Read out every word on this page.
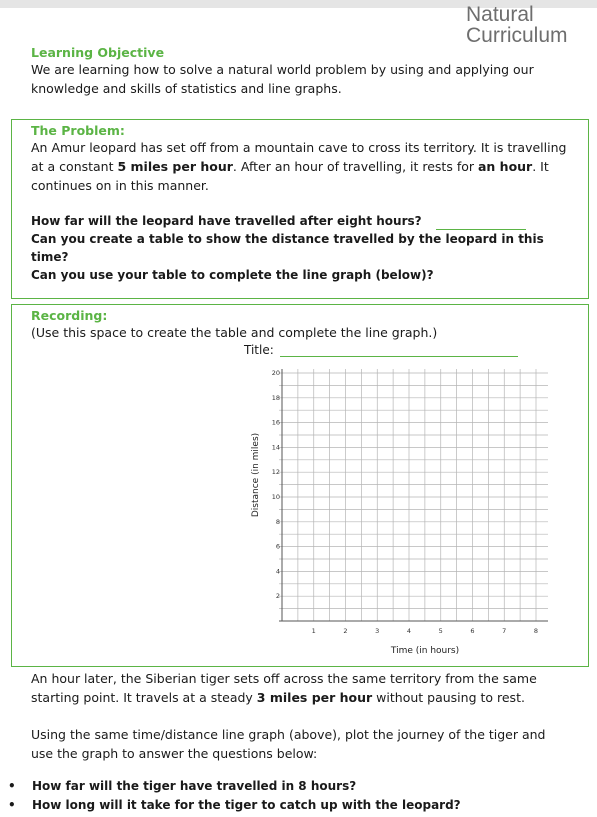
Natural
Curriculum
Learning Objective

We are learning how to solve a natural world problem by using and applying our knowledge and skills of statistics and line graphs.

The Problem:

An Amur leopard has set off from a mountain cave to cross its territory. It is travelling at a constant 5 miles per hour. After an hour of travelling, it rests for an hour. It continues on in this manner.

How far will the leopard have travelled after eight hours?
Can you create a table to show the distance travelled by the leopard in this time?
Can you use your table to complete the line graph (below)?
Recording:

(Use this space to create the table and complete the line graph.)

Title:
1	2	3	4	5	6	7	8
2
4
6
8
10
12
14
16
18
20
Time (in hours)
Distance (in miles)

An hour later, the Siberian tiger sets off across the same territory from the same starting point. It travels at a steady 3 miles per hour without pausing to rest.

Using the same time/distance line graph (above), plot the journey of the tiger and use the graph to answer the questions below:

• How far will the tiger have travelled in 8 hours?
• How long will it take for the tiger to catch up with the leopard?
